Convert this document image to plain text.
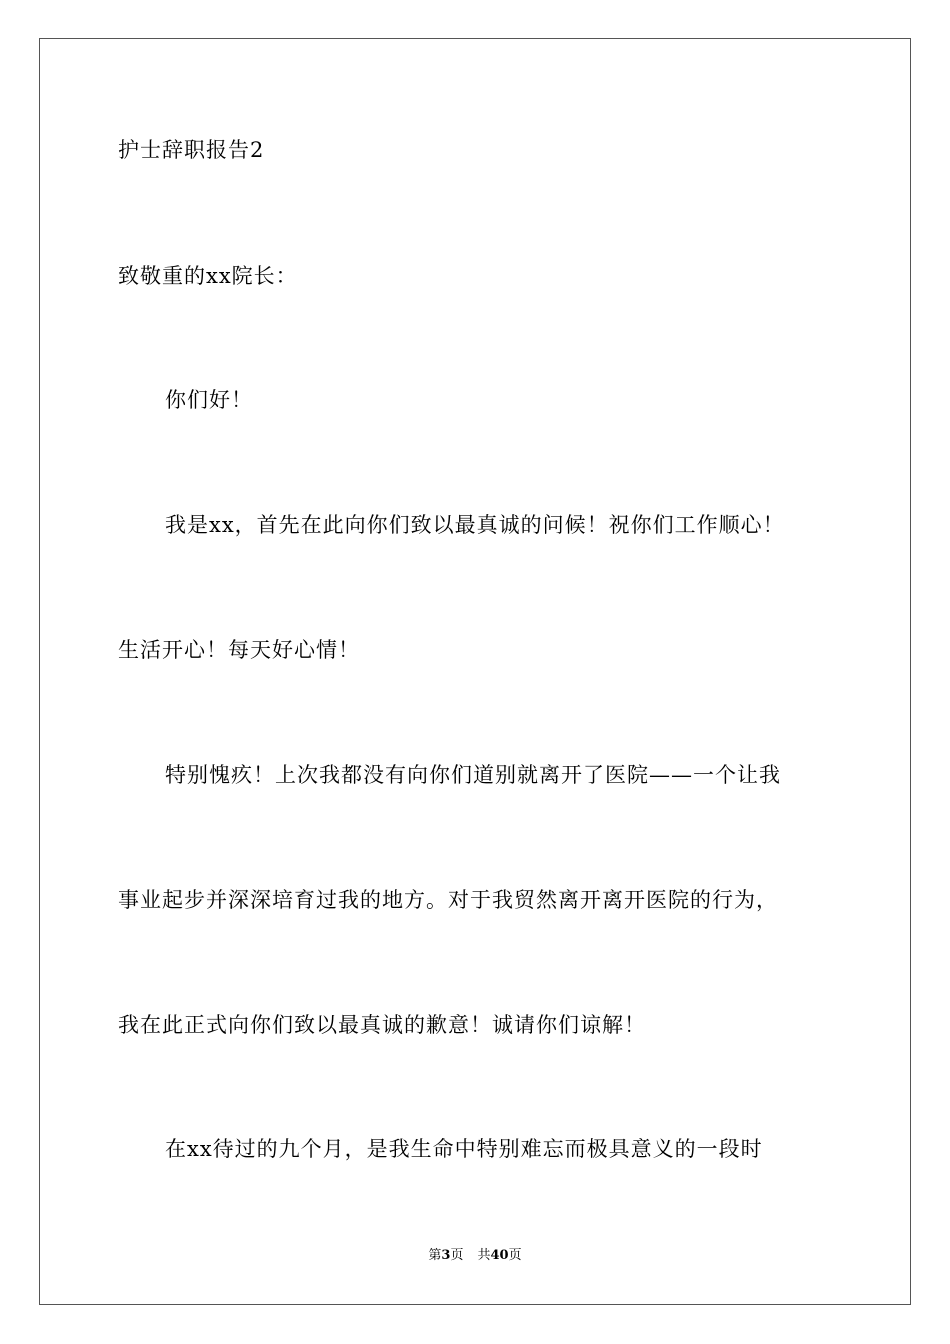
护士辞职报告2
致敬重的xx院长：
你们好！
我是xx，首先在此向你们致以最真诚的问候！祝你们工作顺心！
生活开心！每天好心情！
特别愧疚！上次我都没有向你们道别就离开了医院——一个让我
事业起步并深深培育过我的地方。对于我贸然离开离开医院的行为，
我在此正式向你们致以最真诚的歉意！诚请你们谅解！
在xx待过的九个月，是我生命中特别难忘而极具意义的一段时
第3页 共40页
